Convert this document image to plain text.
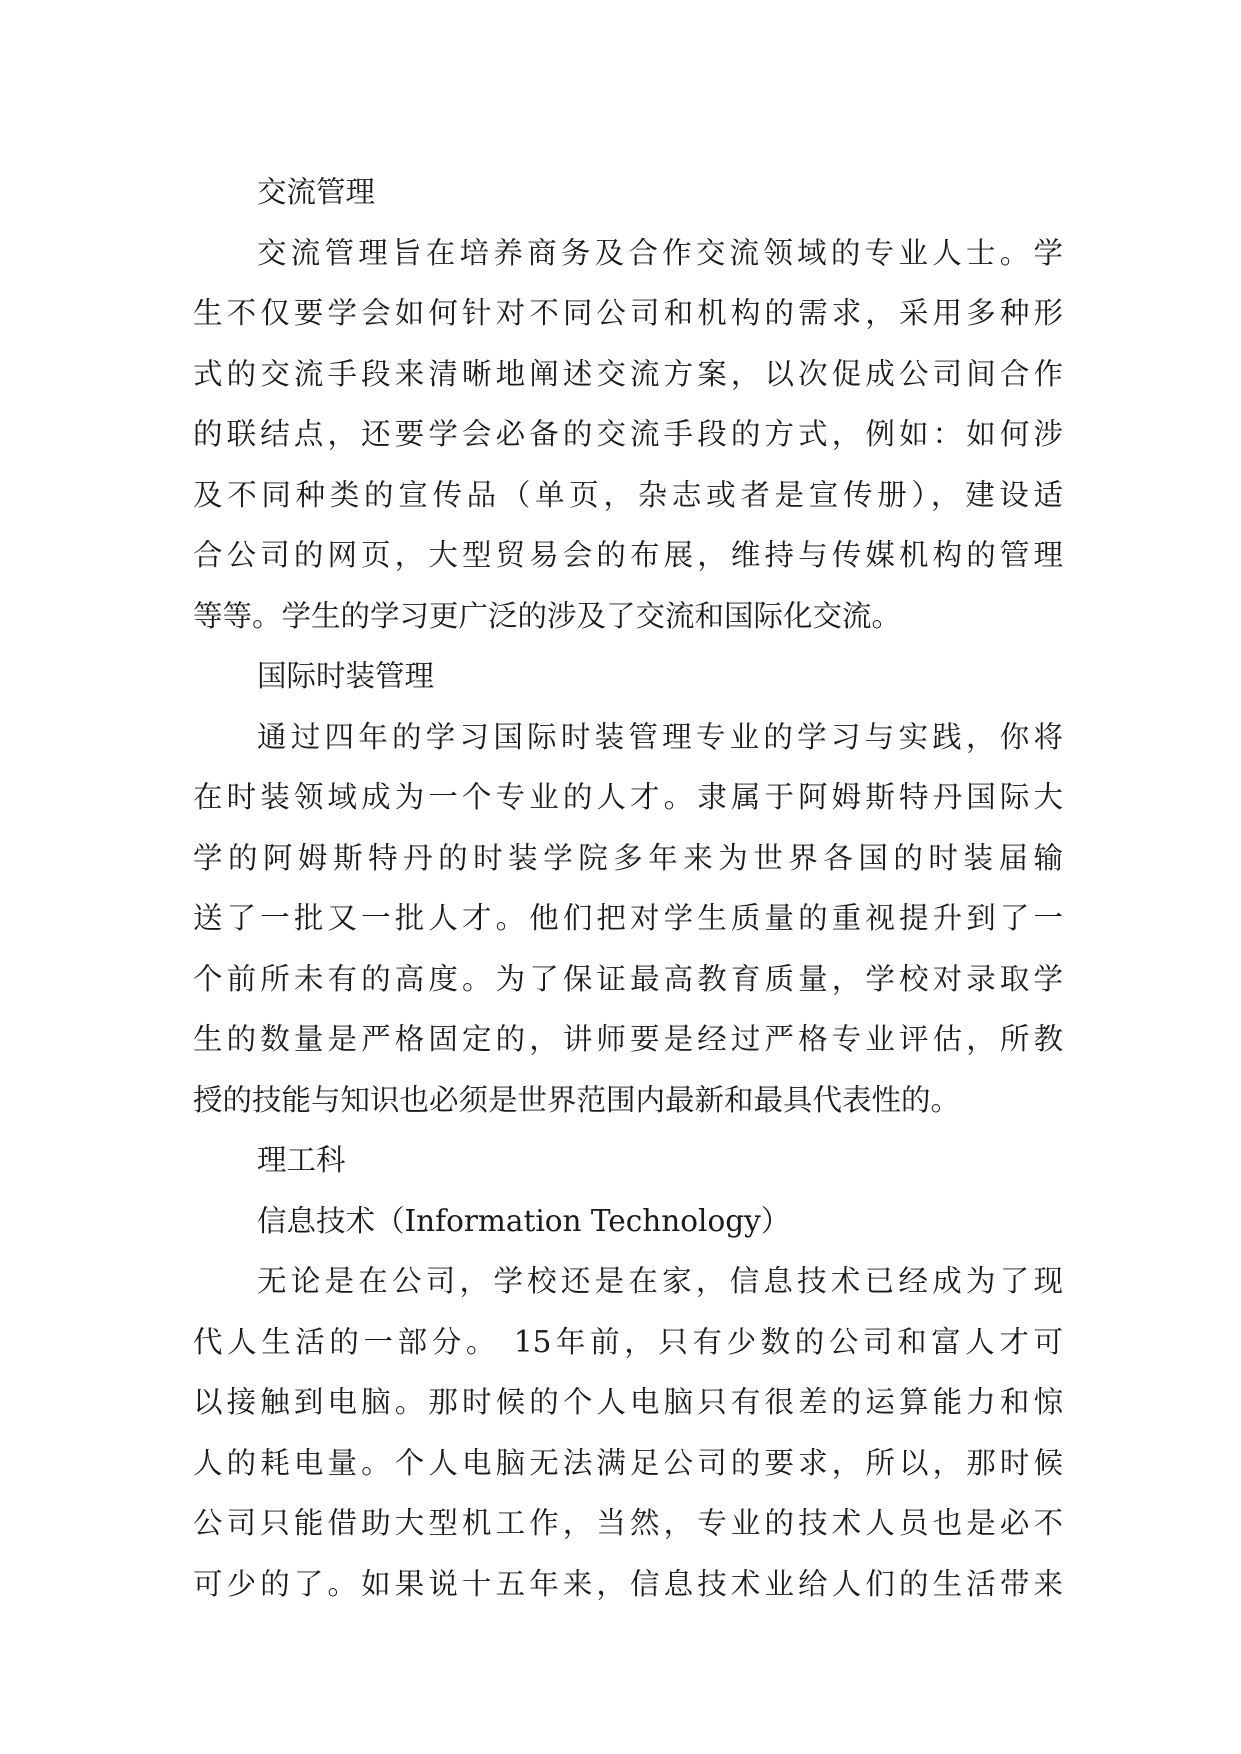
交流管理
交流管理旨在培养商务及合作交流领域的专业人士。学
生不仅要学会如何针对不同公司和机构的需求，采用多种形
式的交流手段来清晰地阐述交流方案，以次促成公司间合作
的联结点，还要学会必备的交流手段的方式，例如：如何涉
及不同种类的宣传品（单页，杂志或者是宣传册），建设适
合公司的网页，大型贸易会的布展，维持与传媒机构的管理
等等。学生的学习更广泛的涉及了交流和国际化交流。
国际时装管理
通过四年的学习国际时装管理专业的学习与实践，你将
在时装领域成为一个专业的人才。隶属于阿姆斯特丹国际大
学的阿姆斯特丹的时装学院多年来为世界各国的时装届输
送了一批又一批人才。他们把对学生质量的重视提升到了一
个前所未有的高度。为了保证最高教育质量，学校对录取学
生的数量是严格固定的，讲师要是经过严格专业评估，所教
授的技能与知识也必须是世界范围内最新和最具代表性的。
理工科
信息技术（Information Technology）
无论是在公司，学校还是在家，信息技术已经成为了现
代人生活的一部分。 15年前，只有少数的公司和富人才可
以接触到电脑。那时候的个人电脑只有很差的运算能力和惊
人的耗电量。个人电脑无法满足公司的要求，所以，那时候
公司只能借助大型机工作，当然，专业的技术人员也是必不
可少的了。如果说十五年来，信息技术业给人们的生活带来
